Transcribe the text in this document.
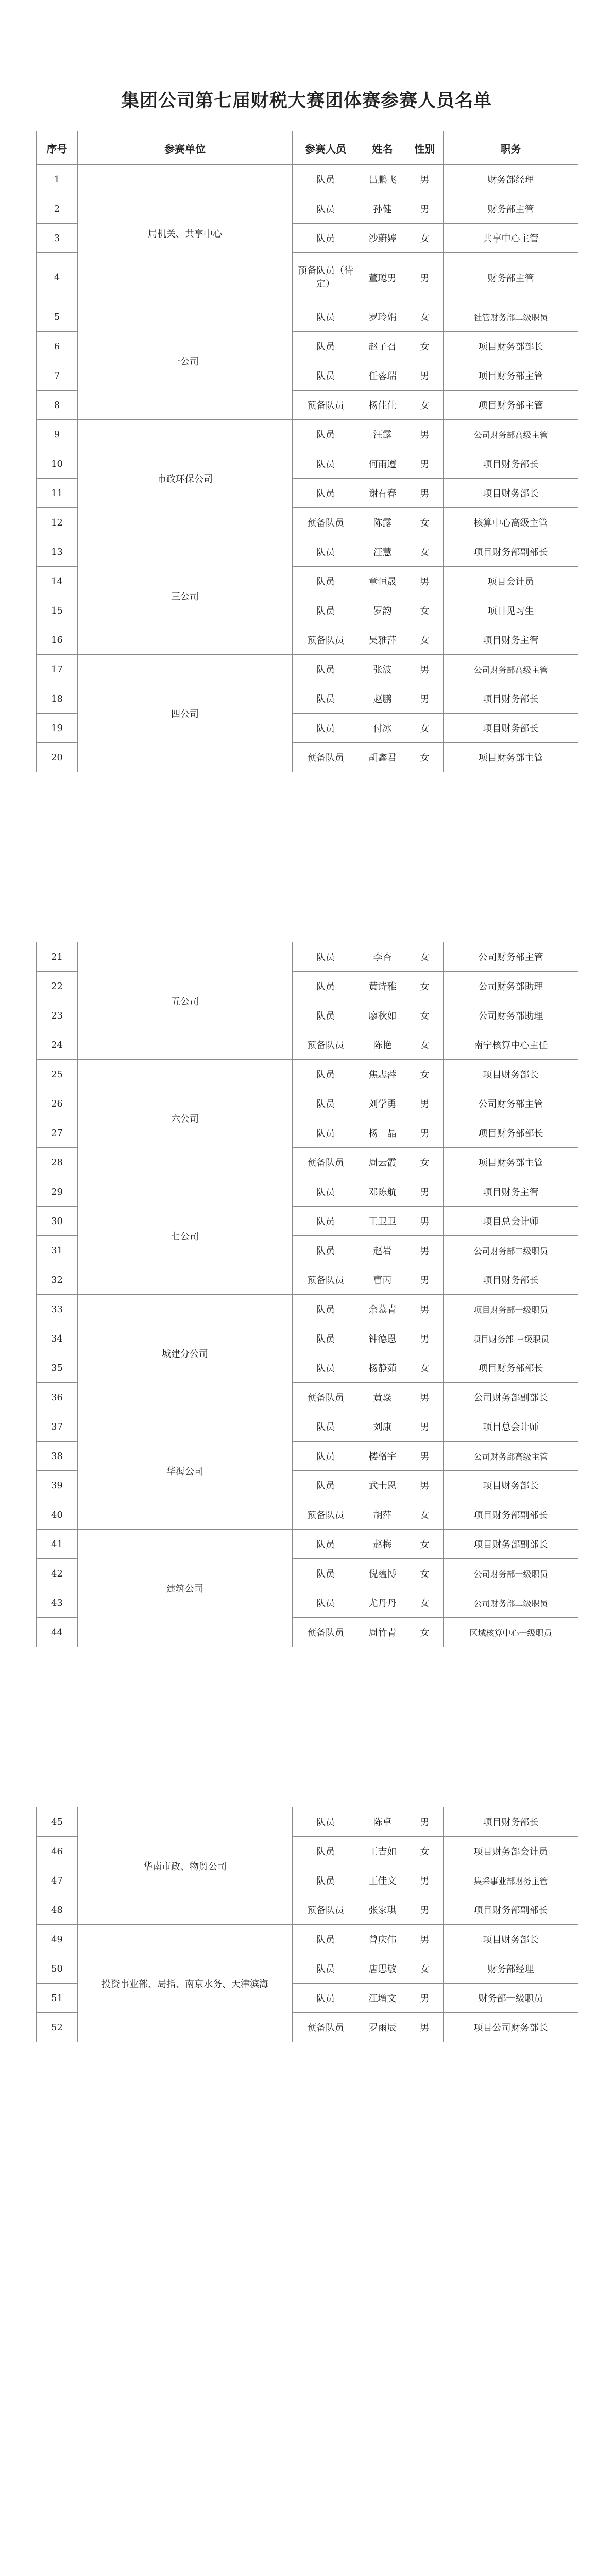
集团公司第七届财税大赛团体赛参赛人员名单
序号	参赛单位	参赛人员	姓名	性别	职务
1	局机关、共享中心	队员	吕鹏飞	男	财务部经理
2		队员	孙健	男	财务部主管
3		队员	沙蔚婷	女	共享中心主管
4		预备队员（待定）	董聪男	男	财务部主管
5	一公司	队员	罗玲娟	女	社管财务部二级职员
6		队员	赵子召	女	项目财务部部长
7		队员	任蓉瑞	男	项目财务部主管
8		预备队员	杨佳佳	女	项目财务部主管
9	市政环保公司	队员	汪露	男	公司财务部高级主管
10		队员	何雨遵	男	项目财务部长
11		队员	谢有春	男	项目财务部长
12		预备队员	陈露	女	核算中心高级主管
13	三公司	队员	汪慧	女	项目财务部副部长
14		队员	章恒晟	男	项目会计员
15		队员	罗韵	女	项目见习生
16		预备队员	吴雅萍	女	项目财务主管
17	四公司	队员	张波	男	公司财务部高级主管
18		队员	赵鹏	男	项目财务部长
19		队员	付冰	女	项目财务部长
20		预备队员	胡鑫君	女	项目财务部主管
21	五公司	队员	李杏	女	公司财务部主管
22		队员	黄诗雅	女	公司财务部助理
23		队员	廖秋如	女	公司财务部助理
24		预备队员	陈艳	女	南宁核算中心主任
25	六公司	队员	焦志萍	女	项目财务部长
26		队员	刘学勇	男	公司财务部主管
27		队员	杨　晶	男	项目财务部部长
28		预备队员	周云霞	女	项目财务部主管
29	七公司	队员	邓陈航	男	项目财务主管
30		队员	王卫卫	男	项目总会计师
31		队员	赵岩	男	公司财务部二级职员
32		预备队员	曹丙	男	项目财务部长
33	城建分公司	队员	余慕青	男	项目财务部一级职员
34		队员	钟德恩	男	项目财务部 三级职员
35		队员	杨静茹	女	项目财务部部长
36		预备队员	黄焱	男	公司财务部副部长
37	华海公司	队员	刘康	男	项目总会计师
38		队员	楼格宇	男	公司财务部高级主管
39		队员	武士恩	男	项目财务部长
40		预备队员	胡萍	女	项目财务部副部长
41	建筑公司	队员	赵梅	女	项目财务部副部长
42		队员	倪蕴博	女	公司财务部一级职员
43		队员	尤丹丹	女	公司财务部二级职员
44		预备队员	周竹青	女	区域核算中心一级职员
45	华南市政、物贸公司	队员	陈卓	男	项目财务部长
46		队员	王吉如	女	项目财务部会计员
47		队员	王佳文	男	集采事业部财务主管
48		预备队员	张家琪	男	项目财务部副部长
49	投资事业部、局指、南京水务、天津滨海	队员	曾庆伟	男	项目财务部长
50		队员	唐思敏	女	财务部经理
51		队员	江增文	男	财务部一级职员
52		预备队员	罗雨辰	男	项目公司财务部长
